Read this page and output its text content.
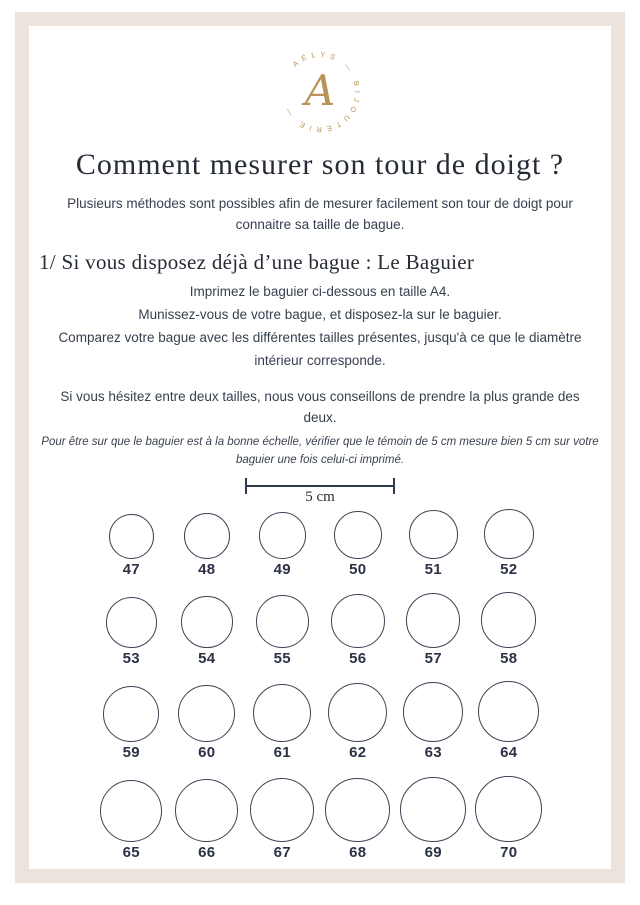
AÉLYS — BIJOUTERIE — A
Comment mesurer son tour de doigt ?

Plusieurs méthodes sont possibles afin de mesurer facilement son tour de doigt pour connaitre sa taille de bague.

1/ Si vous disposez déjà d’une bague : Le Baguier
Imprimez le baguier ci-dessous en taille A4.
Munissez-vous de votre bague, et disposez-la sur le baguier.
Comparez votre bague avec les différentes tailles présentes, jusqu'à ce que le diamètre intérieur corresponde.

Si vous hésitez entre deux tailles, nous vous conseillons de prendre la plus grande des deux.

Pour être sur que le baguier est à la bonne échelle, vérifier que le témoin de 5 cm mesure bien 5 cm sur votre baguier une fois celui-ci imprimé.

5 cm
47	48	49	50	51	52
53	54	55	56	57	58
59	60	61	62	63	64
65	66	67	68	69	70
